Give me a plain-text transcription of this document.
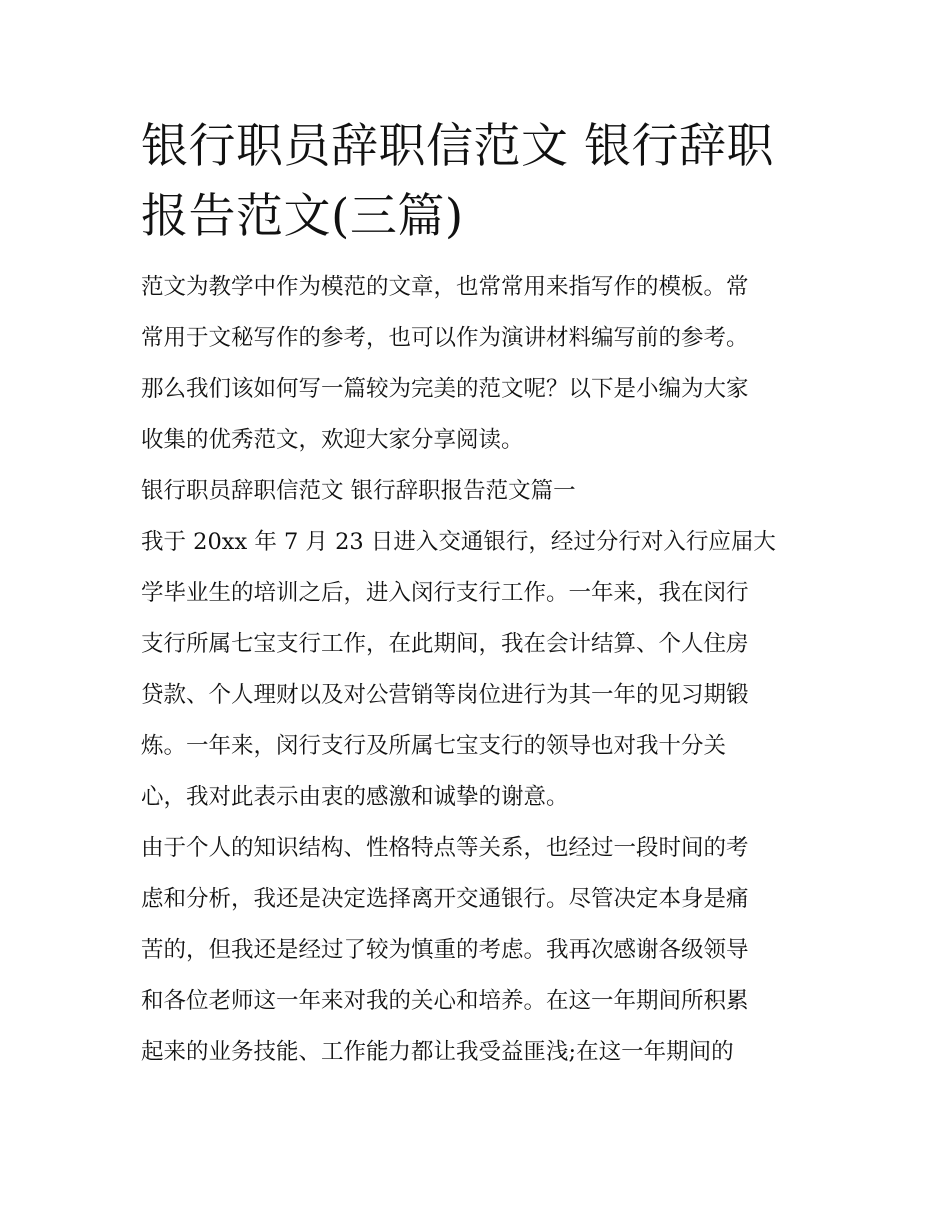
银行职员辞职信范文 银行辞职
报告范文(三篇)

范文为教学中作为模范的文章，也常常用来指写作的模板。常
常用于文秘写作的参考，也可以作为演讲材料编写前的参考。
那么我们该如何写一篇较为完美的范文呢？以下是小编为大家
收集的优秀范文，欢迎大家分享阅读。

银行职员辞职信范文 银行辞职报告范文篇一

我于 20xx 年 7 月 23 日进入交通银行，经过分行对入行应届大
学毕业生的培训之后，进入闵行支行工作。一年来，我在闵行
支行所属七宝支行工作，在此期间，我在会计结算、个人住房
贷款、个人理财以及对公营销等岗位进行为其一年的见习期锻
炼。一年来，闵行支行及所属七宝支行的领导也对我十分关
心，我对此表示由衷的感激和诚挚的谢意。

由于个人的知识结构、性格特点等关系，也经过一段时间的考
虑和分析，我还是决定选择离开交通银行。尽管决定本身是痛
苦的，但我还是经过了较为慎重的考虑。我再次感谢各级领导
和各位老师这一年来对我的关心和培养。在这一年期间所积累
起来的业务技能、工作能力都让我受益匪浅;在这一年期间的
